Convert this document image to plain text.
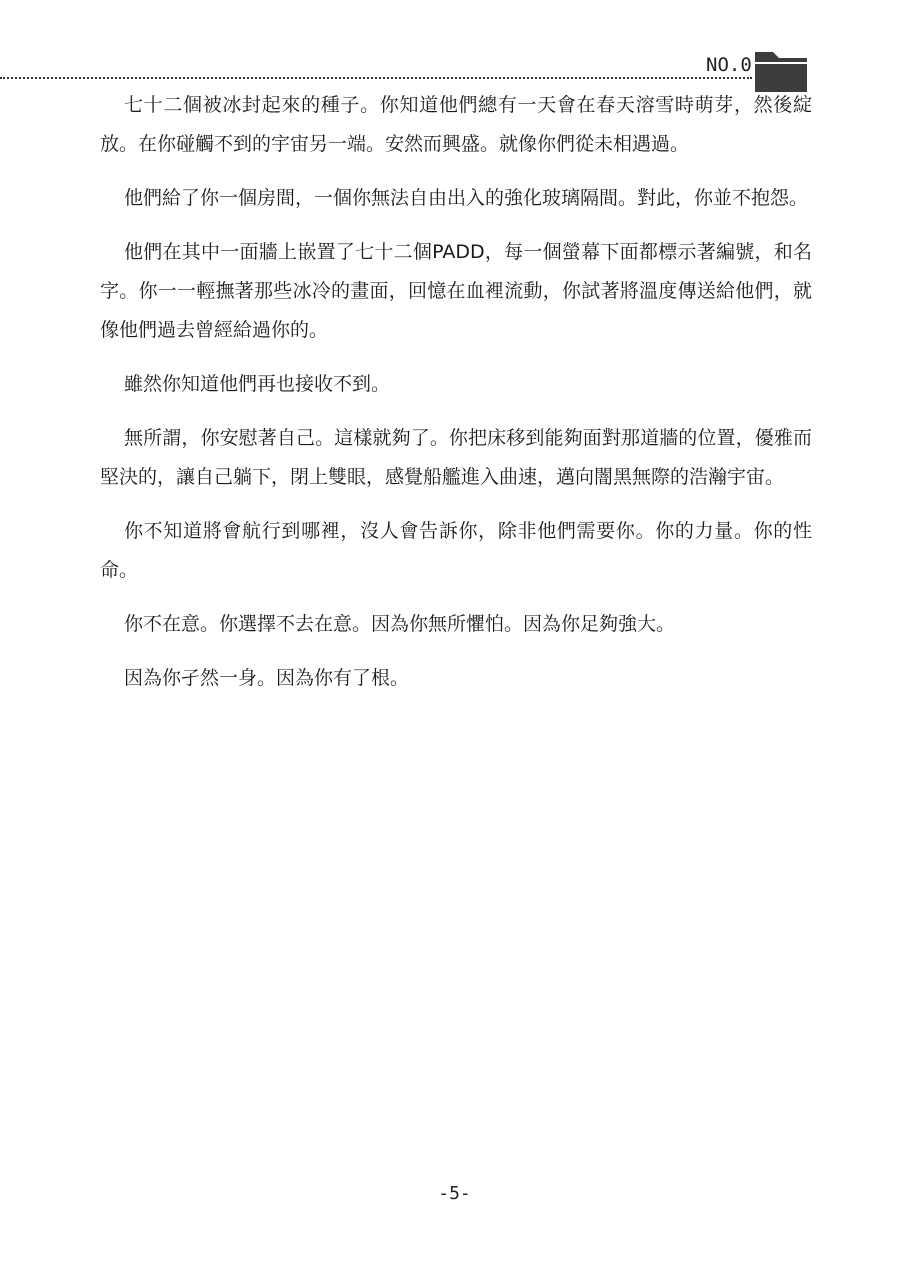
NO.0

七十二個被冰封起來的種子。你知道他們總有一天會在春天溶雪時萌芽，然後綻放。在你碰觸不到的宇宙另一端。安然而興盛。就像你們從未相遇過。

他們給了你一個房間，一個你無法自由出入的強化玻璃隔間。對此，你並不抱怨。

他們在其中一面牆上嵌置了七十二個PADD，每一個螢幕下面都標示著編號，和名字。你一一輕撫著那些冰冷的畫面，回憶在血裡流動，你試著將溫度傳送給他們，就像他們過去曾經給過你的。

雖然你知道他們再也接收不到。

無所謂，你安慰著自己。這樣就夠了。你把床移到能夠面對那道牆的位置，優雅而堅決的，讓自己躺下，閉上雙眼，感覺船艦進入曲速，邁向闇黑無際的浩瀚宇宙。

你不知道將會航行到哪裡，沒人會告訴你，除非他們需要你。你的力量。你的性命。

你不在意。你選擇不去在意。因為你無所懼怕。因為你足夠強大。

因為你孑然一身。因為你有了根。

-5-
